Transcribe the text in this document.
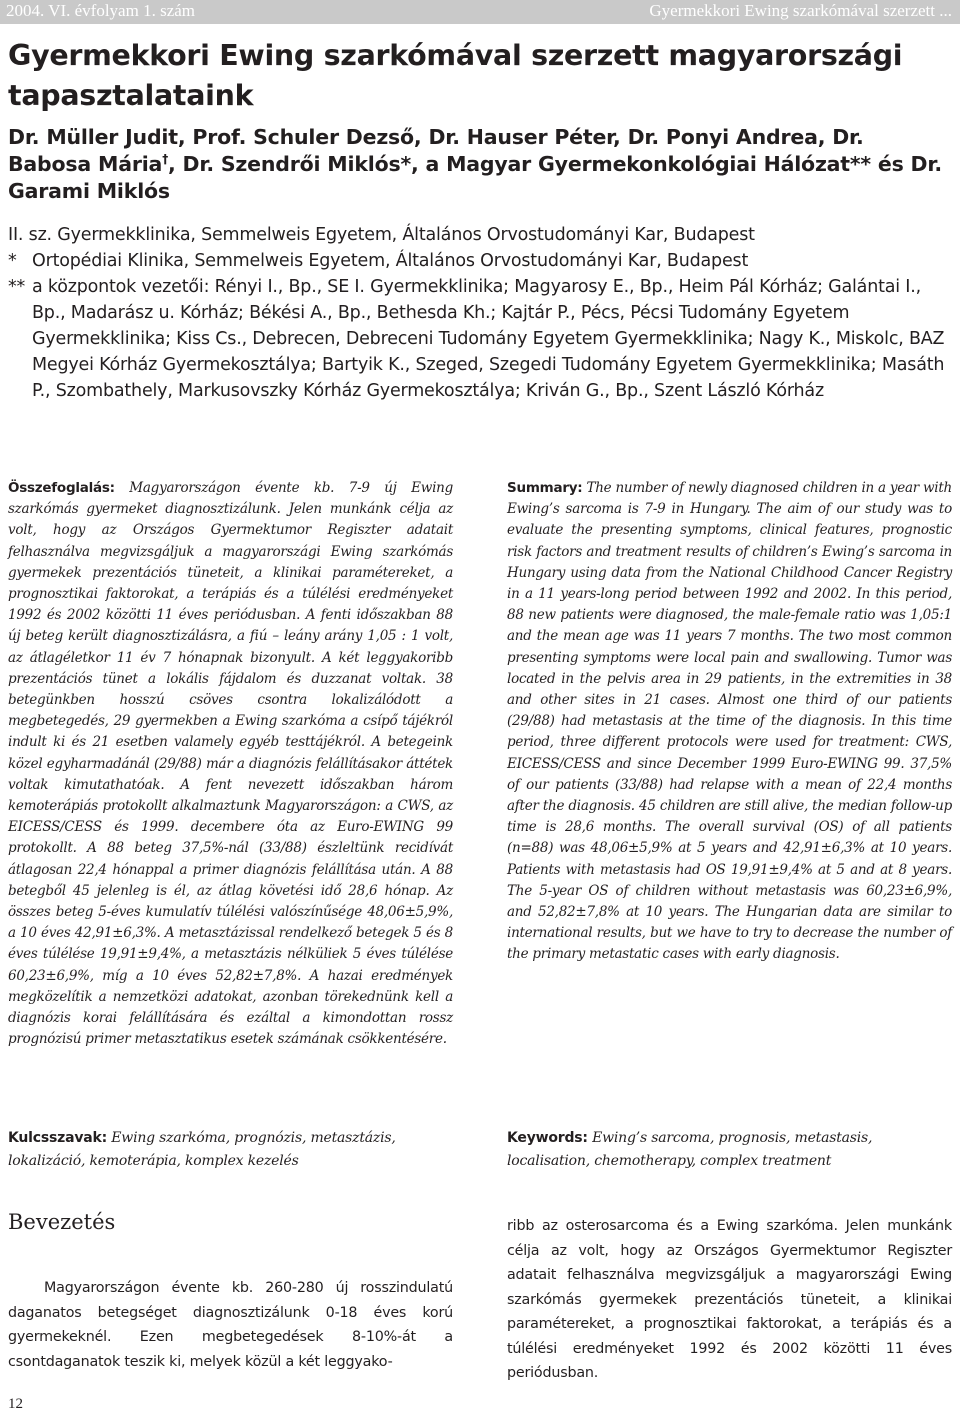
2004. VI. évfolyam 1. szám	Gyermekkori Ewing szarkómával szerzett ...
Gyermekkori Ewing szarkómával szerzett magyarországi tapasztalataink

Dr. Müller Judit, Prof. Schuler Dezső, Dr. Hauser Péter, Dr. Ponyi Andrea, Dr. Babosa Mária†, Dr. Szendrői Miklós*, a Magyar Gyermekonkológiai Hálózat** és Dr. Garami Miklós

II. sz. Gyermekklinika, Semmelweis Egyetem, Általános Orvostudományi Kar, Budapest
* Ortopédiai Klinika, Semmelweis Egyetem, Általános Orvostudományi Kar, Budapest
** a központok vezetői: Rényi I., Bp., SE I. Gyermekklinika; Magyarosy E., Bp., Heim Pál Kórház; Galántai I., Bp., Madarász u. Kórház; Békési A., Bp., Bethesda Kh.; Kajtár P., Pécs, Pécsi Tudomány Egyetem Gyermekklinika; Kiss Cs., Debrecen, Debreceni Tudomány Egyetem Gyermekklinika; Nagy K., Miskolc, BAZ Megyei Kórház Gyermekosztálya; Bartyik K., Szeged, Szegedi Tudomány Egyetem Gyermekklinika; Masáth P., Szombathely, Markusovszky Kórház Gyermekosztálya; Kriván G., Bp., Szent László Kórház

Összefoglalás: Magyarországon évente kb. 7-9 új Ewing szarkómás gyermeket diagnosztizálunk. Jelen munkánk célja az volt, hogy az Országos Gyermektumor Regiszter adatait felhasználva megvizsgáljuk a magyarországi Ewing szarkómás gyermekek prezentációs tüneteit, a klinikai paramétereket, a prognosztikai faktorokat, a terápiás és a túlélési eredményeket 1992 és 2002 közötti 11 éves periódusban. A fenti időszakban 88 új beteg került diagnosztizálásra, a fiú – leány arány 1,05 : 1 volt, az átlagéletkor 11 év 7 hónapnak bizonyult. A két leggyakoribb prezentációs tünet a lokális fájdalom és duzzanat voltak. 38 betegünkben hosszú csöves csontra lokalizálódott a megbetegedés, 29 gyermekben a Ewing szarkóma a csípő tájékról indult ki és 21 esetben valamely egyéb testtájékról. A betegeink közel egyharmadánál (29/88) már a diagnózis felállításakor áttétek voltak kimutathatóak. A fent nevezett időszakban három kemoterápiás protokollt alkalmaztunk Magyarországon: a CWS, az EICESS/CESS és 1999. decembere óta az Euro-EWING 99 protokollt. A 88 beteg 37,5%-nál (33/88) észleltünk recidívát átlagosan 22,4 hónappal a primer diagnózis felállítása után. A 88 betegből 45 jelenleg is él, az átlag követési idő 28,6 hónap. Az összes beteg 5-éves kumulatív túlélési valószínűsége 48,06±5,9%, a 10 éves 42,91±6,3%. A metasztázissal rendelkező betegek 5 és 8 éves túlélése 19,91±9,4%, a metasztázis nélküliek 5 éves túlélése 60,23±6,9%, míg a 10 éves 52,82±7,8%. A hazai eredmények megközelítik a nemzetközi adatokat, azonban törekednünk kell a diagnózis korai felállítására és ezáltal a kimondottan rossz prognózisú primer metasztatikus esetek számának csökkentésére.

Summary: The number of newly diagnosed children in a year with Ewing’s sarcoma is 7-9 in Hungary. The aim of our study was to evaluate the presenting symptoms, clinical features, prognostic risk factors and treatment results of children’s Ewing’s sarcoma in Hungary using data from the National Childhood Cancer Registry in a 11 years-long period between 1992 and 2002. In this period, 88 new patients were diagnosed, the male-female ratio was 1,05:1 and the mean age was 11 years 7 months. The two most common presenting symptoms were local pain and swallowing. Tumor was located in the pelvis area in 29 patients, in the extremities in 38 and other sites in 21 cases. Almost one third of our patients (29/88) had metastasis at the time of the diagnosis. In this time period, three different protocols were used for treatment: CWS, EICESS/CESS and since December 1999 Euro-EWING 99. 37,5% of our patients (33/88) had relapse with a mean of 22,4 months after the diagnosis. 45 children are still alive, the median follow-up time is 28,6 months. The overall survival (OS) of all patients (n=88) was 48,06±5,9% at 5 years and 42,91±6,3% at 10 years. Patients with metastasis had OS 19,91±9,4% at 5 and at 8 years. The 5-year OS of children without metastasis was 60,23±6,9%, and 52,82±7,8% at 10 years. The Hungarian data are similar to international results, but we have to try to decrease the number of the primary metastatic cases with early diagnosis.

Kulcsszavak: Ewing szarkóma, prognózis, metasztázis, lokalizáció, kemoterápia, komplex kezelés

Keywords: Ewing’s sarcoma, prognosis, metastasis, localisation, chemotherapy, complex treatment

Bevezetés

Magyarországon évente kb. 260-280 új rosszindulatú daganatos betegséget diagnosztizálunk 0-18 éves korú gyermekeknél. Ezen megbetegedések 8-10%-át a csontdaganatok teszik ki, melyek közül a két leggyako-

ribb az osterosarcoma és a Ewing szarkóma. Jelen munkánk célja az volt, hogy az Országos Gyermektumor Regiszter adatait felhasználva megvizsgáljuk a magyarországi Ewing szarkómás gyermekek prezentációs tüneteit, a klinikai paramétereket, a prognosztikai faktorokat, a terápiás és a túlélési eredményeket 1992 és 2002 közötti 11 éves periódusban.

12
